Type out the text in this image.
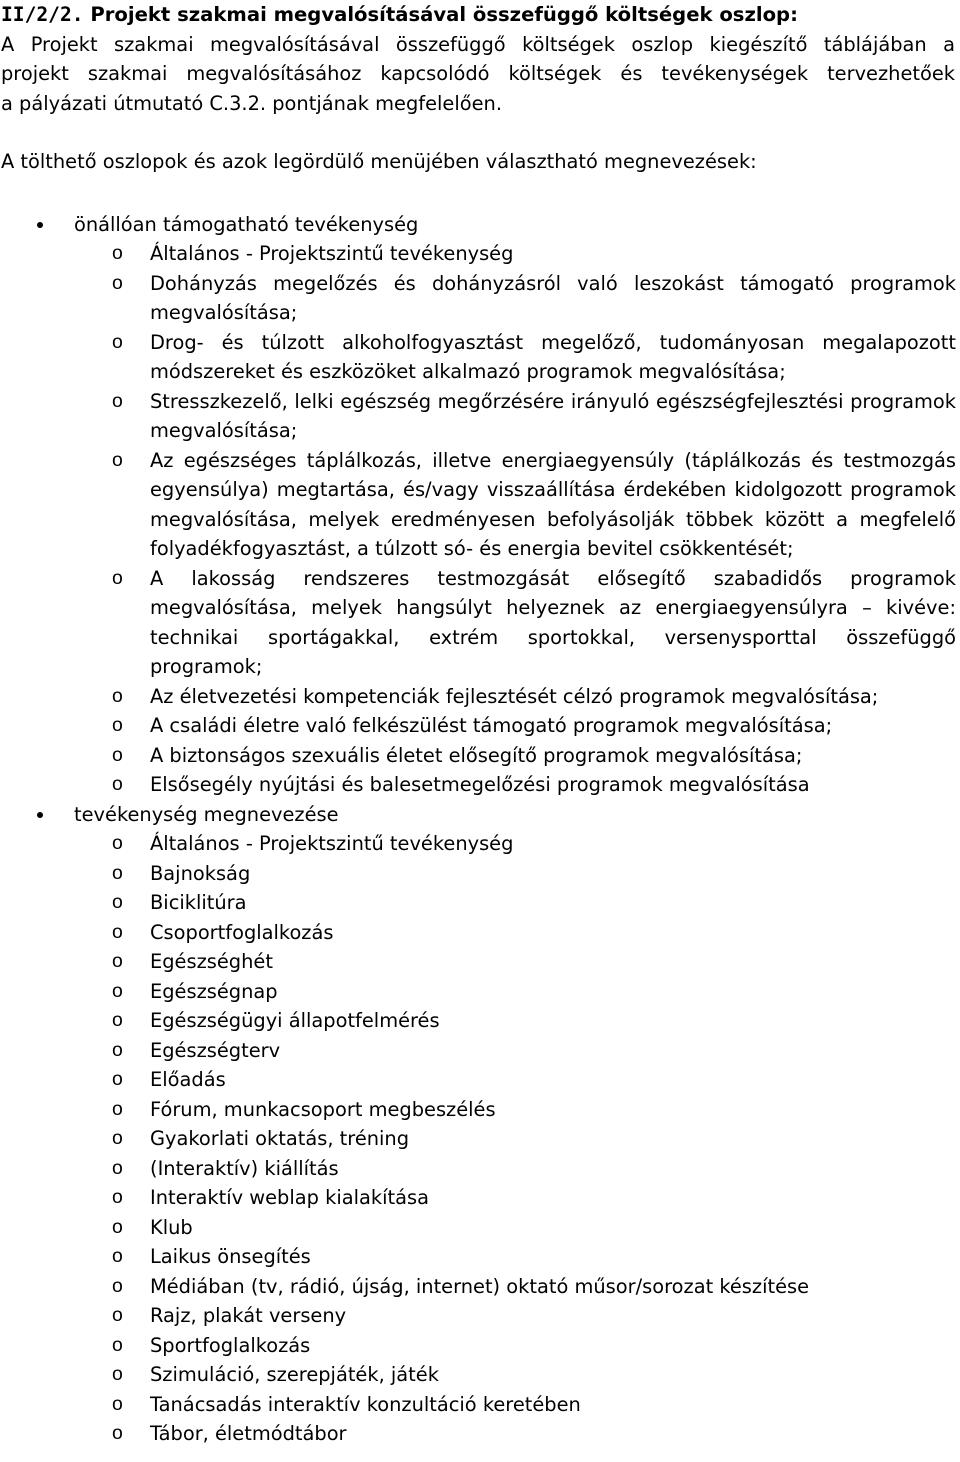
II/2/2. Projekt szakmai megvalósításával összefüggő költségek oszlop:
A Projekt szakmai megvalósításával összefüggő költségek oszlop kiegészítő táblájában a
projekt szakmai megvalósításához kapcsolódó költségek és tevékenységek tervezhetőek
a pályázati útmutató C.3.2. pontjának megfelelően.

A tölthető oszlopok és azok legördülő menüjében választható megnevezések:

önállóan támogatható tevékenység
o Általános - Projektszintű tevékenység
o Dohányzás megelőzés és dohányzásról való leszokást támogató programok megvalósítása;
o Drog- és túlzott alkoholfogyasztást megelőző, tudományosan megalapozott módszereket és eszközöket alkalmazó programok megvalósítása;
o Stresszkezelő, lelki egészség megőrzésére irányuló egészségfejlesztési programok megvalósítása;
o Az egészséges táplálkozás, illetve energiaegyensúly (táplálkozás és testmozgás egyensúlya) megtartása, és/vagy visszaállítása érdekében kidolgozott programok megvalósítása, melyek eredményesen befolyásolják többek között a megfelelő folyadékfogyasztást, a túlzott só- és energia bevitel csökkentését;
o A lakosság rendszeres testmozgását elősegítő szabadidős programok megvalósítása, melyek hangsúlyt helyeznek az energiaegyensúlyra – kivéve: technikai sportágakkal, extrém sportokkal, versenysporttal összefüggő programok;
o Az életvezetési kompetenciák fejlesztését célzó programok megvalósítása;
o A családi életre való felkészülést támogató programok megvalósítása;
o A biztonságos szexuális életet elősegítő programok megvalósítása;
o Elsősegély nyújtási és balesetmegelőzési programok megvalósítása
tevékenység megnevezése
o Általános - Projektszintű tevékenység
o Bajnokság
o Biciklitúra
o Csoportfoglalkozás
o Egészséghét
o Egészségnap
o Egészségügyi állapotfelmérés
o Egészségterv
o Előadás
o Fórum, munkacsoport megbeszélés
o Gyakorlati oktatás, tréning
o (Interaktív) kiállítás
o Interaktív weblap kialakítása
o Klub
o Laikus önsegítés
o Médiában (tv, rádió, újság, internet) oktató műsor/sorozat készítése
o Rajz, plakát verseny
o Sportfoglalkozás
o Szimuláció, szerepjáték, játék
o Tanácsadás interaktív konzultáció keretében
o Tábor, életmódtábor
